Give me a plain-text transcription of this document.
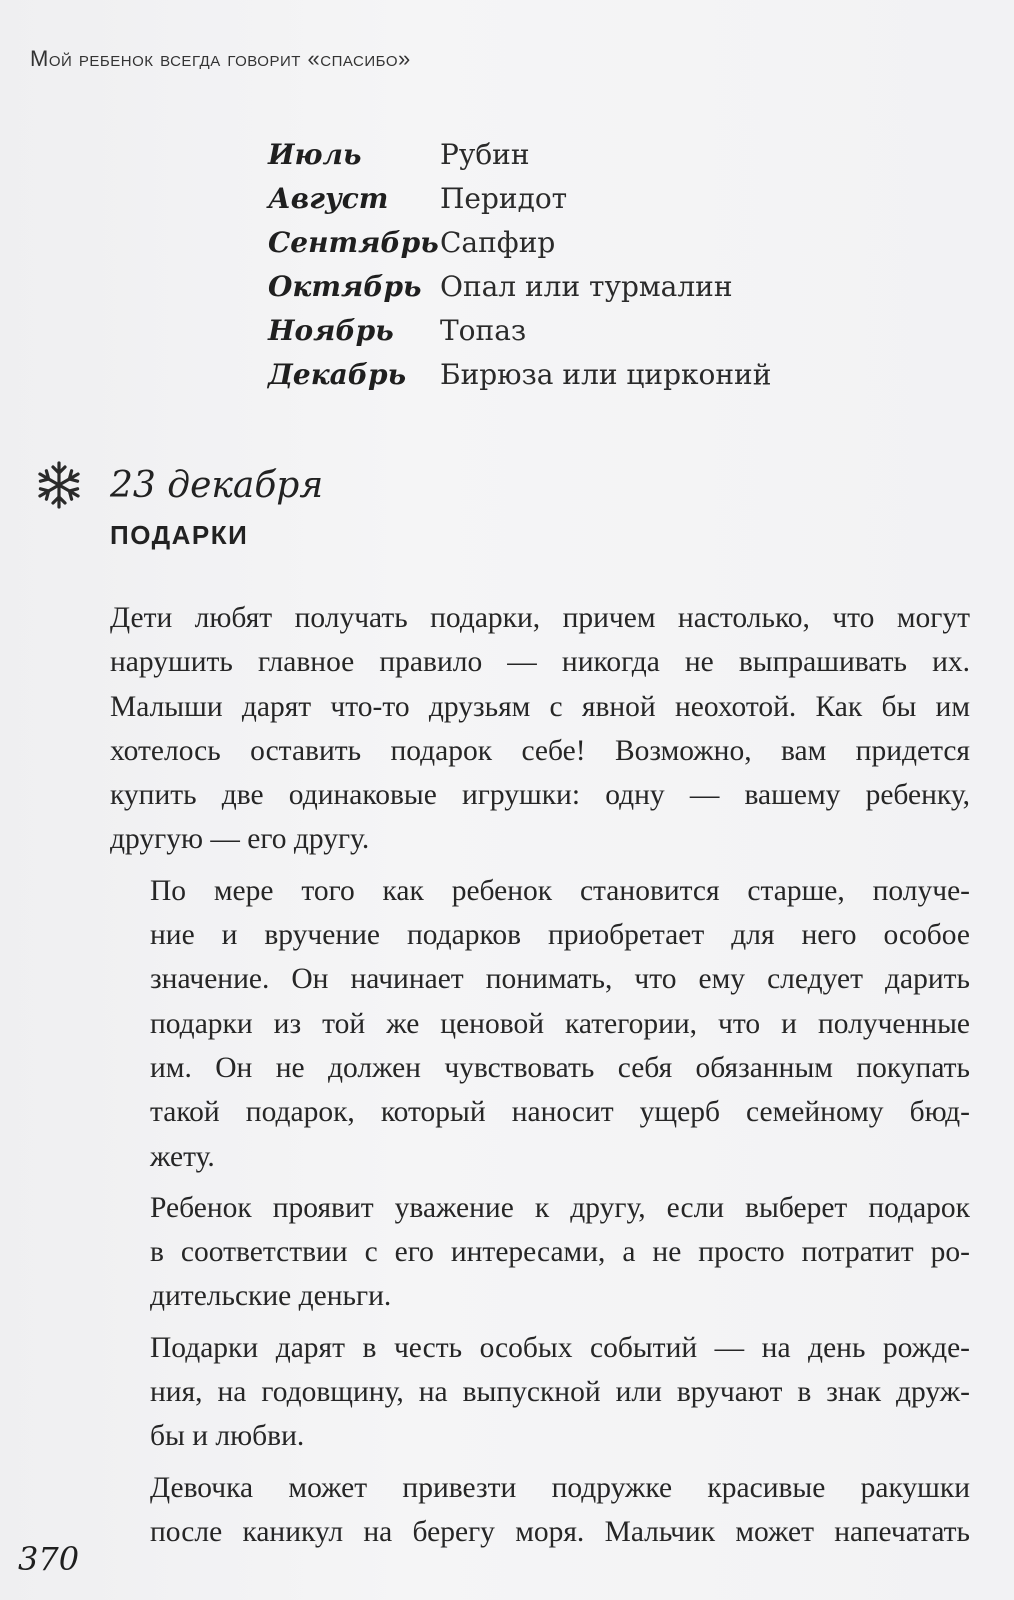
Мой ребенок всегда говорит «спасибо»
Июль	Рубин
Август	Перидот
Сентябрь Сапфир
Октябрь Опал или турмалин
Ноябрь	Топаз
Декабрь	Бирюза или цирконий
23 декабря
ПОДАРКИ

Дети любят получать подарки, причем настолько, что могут
нарушить главное правило — никогда не выпрашивать их.
Малыши дарят что-то друзьям с явной неохотой. Как бы им
хотелось оставить подарок себе! Возможно, вам придется
купить две одинаковые игрушки: одну — вашему ребенку,
другую — его другу.

По мере того как ребенок становится старше, получе-
ние и вручение подарков приобретает для него особое
значение. Он начинает понимать, что ему следует дарить
подарки из той же ценовой категории, что и полученные
им. Он не должен чувствовать себя обязанным покупать
такой подарок, который наносит ущерб семейному бюд-
жету.

Ребенок проявит уважение к другу, если выберет подарок
в соответствии с его интересами, а не просто потратит ро-
дительские деньги.

Подарки дарят в честь особых событий — на день рожде-
ния, на годовщину, на выпускной или вручают в знак друж-
бы и любви.

Девочка может привезти подружке красивые ракушки
после каникул на берегу моря. Мальчик может напечатать

370
